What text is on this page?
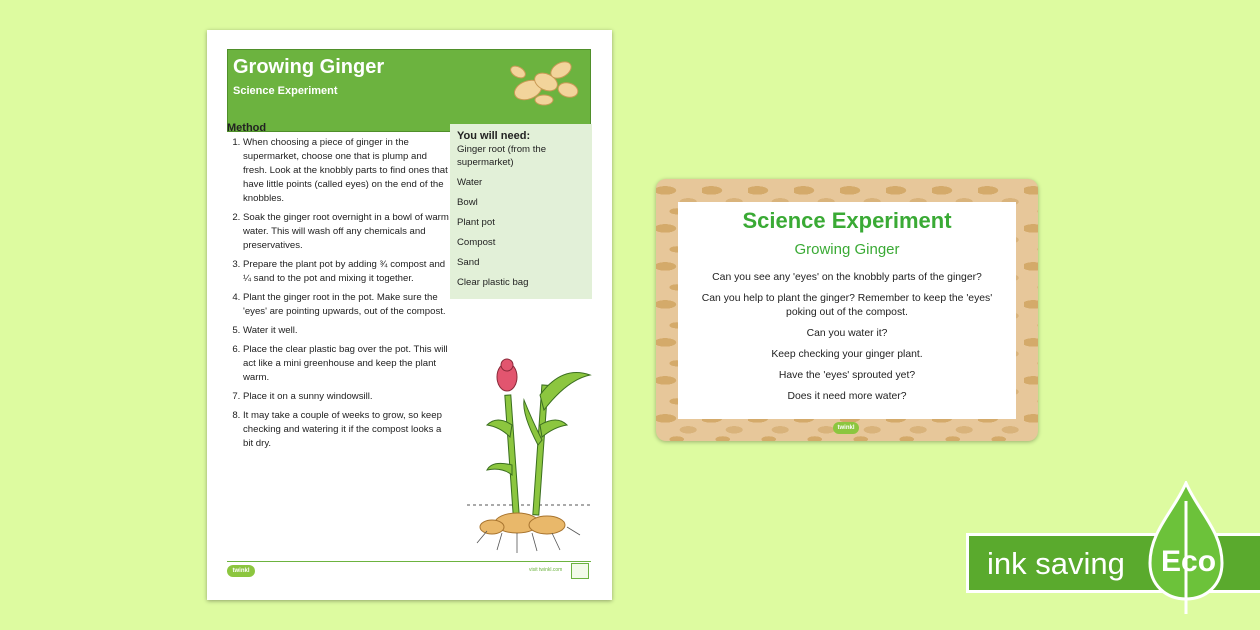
Growing Ginger
Science Experiment
Method
1. When choosing a piece of ginger in the supermarket, choose one that is plump and fresh. Look at the knobbly parts to find ones that have little points (called eyes) on the end of the knobbles.
2. Soak the ginger root overnight in a bowl of warm water. This will wash off any chemicals and preservatives.
3. Prepare the plant pot by adding ¾ compost and ¼ sand to the pot and mixing it together.
4. Plant the ginger root in the pot. Make sure the 'eyes' are pointing upwards, out of the compost.
5. Water it well.
6. Place the clear plastic bag over the pot. This will act like a mini greenhouse and keep the plant warm.
7. Place it on a sunny windowsill.
8. It may take a couple of weeks to grow, so keep checking and watering it if the compost looks a bit dry.
You will need:
Ginger root (from the supermarket)
Water
Bowl
Plant pot
Compost
Sand
Clear plastic bag
twinkl	visit twinkl.com
Science Experiment
Growing Ginger
Can you see any 'eyes' on the knobbly parts of the ginger?
Can you help to plant the ginger? Remember to keep the 'eyes' poking out of the compost.
Can you water it?
Keep checking your ginger plant.
Have the 'eyes' sprouted yet?
Does it need more water?
twinkl
ink saving Eco
